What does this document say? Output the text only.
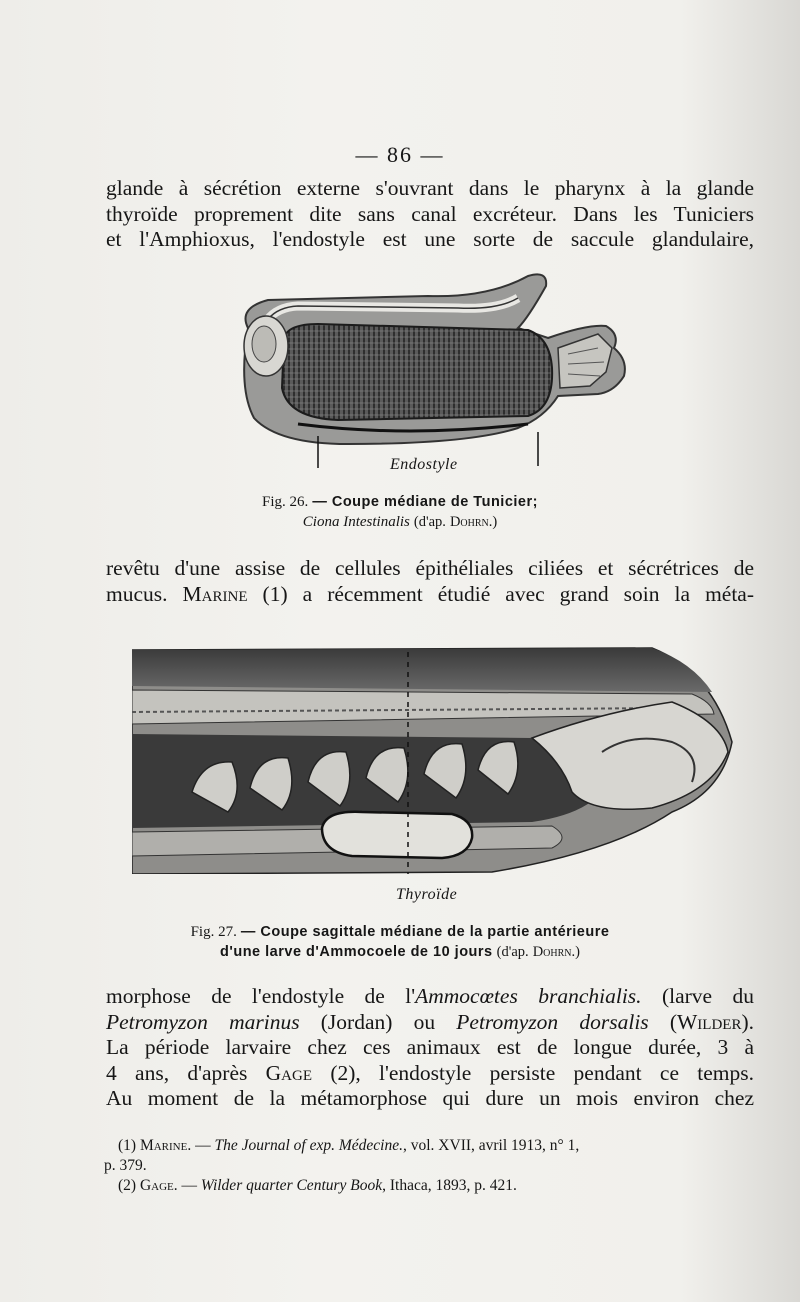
— 86 —
glande à sécrétion externe s'ouvrant dans le pharynx à la glande
thyroïde proprement dite sans canal excréteur. Dans les Tuniciers
et l'Amphioxus, l'endostyle est une sorte de saccule glandulaire,
Endostyle
Fig. 26. — Coupe médiane de Tunicier;
Ciona Intestinalis (d'ap. Dohrn.)
revêtu d'une assise de cellules épithéliales ciliées et sécrétrices de
mucus. Marine (1) a récemment étudié avec grand soin la méta-
Thyroïde
Fig. 27. — Coupe sagittale médiane de la partie antérieure
d'une larve d'Ammocoele de 10 jours (d'ap. Dohrn.)
morphose de l'endostyle de l'Ammocœtes branchialis. (larve du
Petromyzon marinus (Jordan) ou Petromyzon dorsalis (Wilder).
La période larvaire chez ces animaux est de longue durée, 3 à
4 ans, d'après Gage (2), l'endostyle persiste pendant ce temps.
Au moment de la métamorphose qui dure un mois environ chez

(1) Marine. — The Journal of exp. Médecine., vol. XVII, avril 1913, n° 1,

p. 379.

(2) Gage. — Wilder quarter Century Book, Ithaca, 1893, p. 421.
